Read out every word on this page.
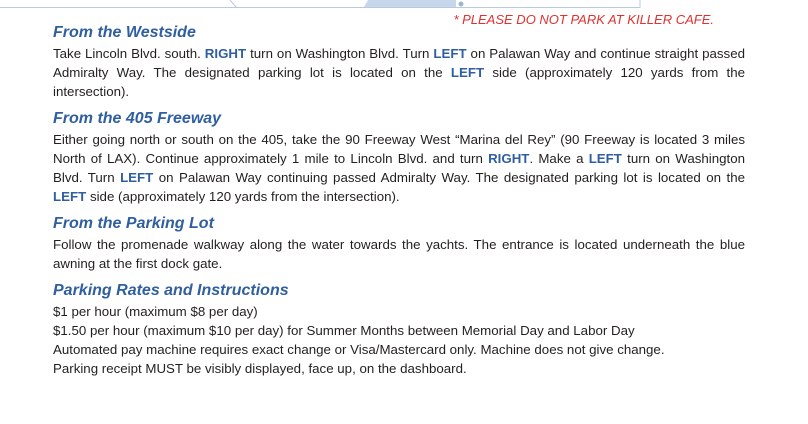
* PLEASE DO NOT PARK AT KILLER CAFE.
From the Westside

Take Lincoln Blvd. south. RIGHT turn on Washington Blvd. Turn LEFT on Palawan Way and continue straight passed Admiralty Way. The designated parking lot is located on the LEFT side (approximately 120 yards from the intersection).

From the 405 Freeway

Either going north or south on the 405, take the 90 Freeway West “Marina del Rey” (90 Freeway is located 3 miles North of LAX). Continue approximately 1 mile to Lincoln Blvd. and turn RIGHT. Make a LEFT turn on Washington Blvd. Turn LEFT on Palawan Way continuing passed Admiralty Way. The designated parking lot is located on the LEFT side (approximately 120 yards from the intersection).

From the Parking Lot

Follow the promenade walkway along the water towards the yachts. The entrance is located underneath the blue awning at the first dock gate.

Parking Rates and Instructions

$1 per hour (maximum $8 per day)
$1.50 per hour (maximum $10 per day) for Summer Months between Memorial Day and Labor Day
Automated pay machine requires exact change or Visa/Mastercard only. Machine does not give change.
Parking receipt MUST be visibly displayed, face up, on the dashboard.
